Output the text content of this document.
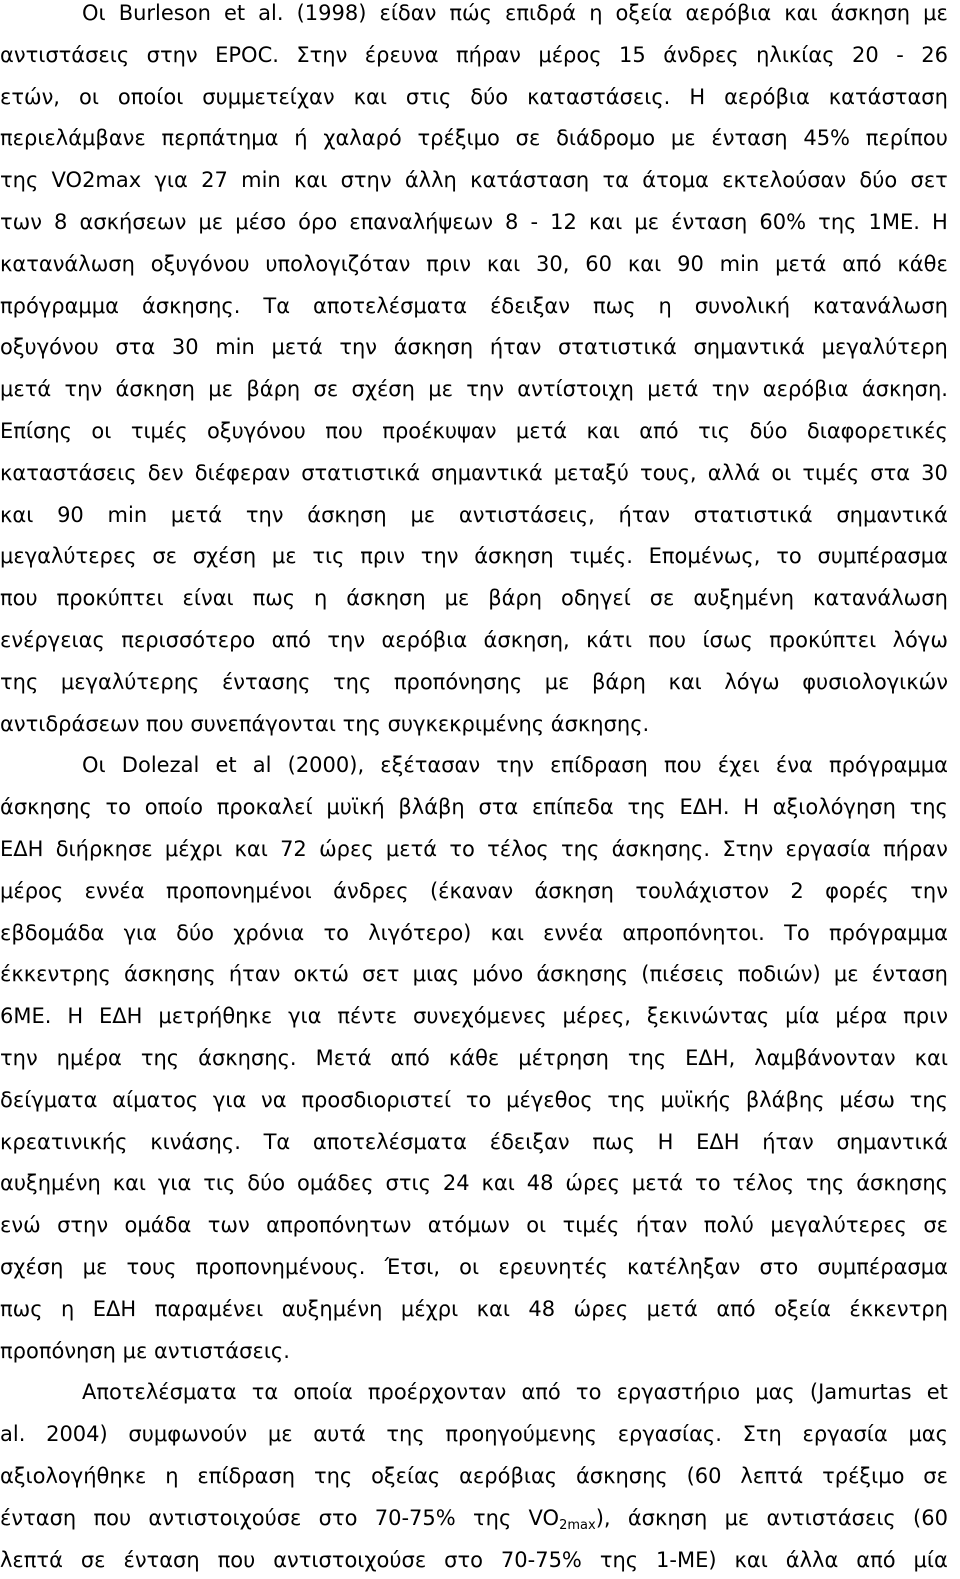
Οι Burleson et al. (1998) είδαν πώς επιδρά η οξεία αερόβια και άσκηση με
αντιστάσεις στην EPOC. Στην έρευνα πήραν μέρος 15 άνδρες ηλικίας 20 - 26
ετών, οι οποίοι συμμετείχαν και στις δύο καταστάσεις. Η αερόβια κατάσταση
περιελάμβανε περπάτημα ή χαλαρό τρέξιμο σε διάδρομο με ένταση 45% περίπου
της VO2max για 27 min και στην άλλη κατάσταση τα άτομα εκτελούσαν δύο σετ
των 8 ασκήσεων με μέσο όρο επαναλήψεων 8 - 12 και με ένταση 60% της 1ΜΕ. Η
κατανάλωση οξυγόνου υπολογιζόταν πριν και 30, 60 και 90 min μετά από κάθε
πρόγραμμα άσκησης. Τα αποτελέσματα έδειξαν πως η συνολική κατανάλωση
οξυγόνου στα 30 min μετά την άσκηση ήταν στατιστικά σημαντικά μεγαλύτερη
μετά την άσκηση με βάρη σε σχέση με την αντίστοιχη μετά την αερόβια άσκηση.
Επίσης οι τιμές οξυγόνου που προέκυψαν μετά και από τις δύο διαφορετικές
καταστάσεις δεν διέφεραν στατιστικά σημαντικά μεταξύ τους, αλλά οι τιμές στα 30
και 90 min μετά την άσκηση με αντιστάσεις, ήταν στατιστικά σημαντικά
μεγαλύτερες σε σχέση με τις πριν την άσκηση τιμές. Επομένως, το συμπέρασμα
που προκύπτει είναι πως η άσκηση με βάρη οδηγεί σε αυξημένη κατανάλωση
ενέργειας περισσότερο από την αερόβια άσκηση, κάτι που ίσως προκύπτει λόγω
της μεγαλύτερης έντασης της προπόνησης με βάρη και λόγω φυσιολογικών
αντιδράσεων που συνεπάγονται της συγκεκριμένης άσκησης.
Οι Dolezal et al (2000), εξέτασαν την επίδραση που έχει ένα πρόγραμμα
άσκησης το οποίο προκαλεί μυϊκή βλάβη στα επίπεδα της ΕΔΗ. Η αξιολόγηση της
ΕΔΗ διήρκησε μέχρι και 72 ώρες μετά το τέλος της άσκησης. Στην εργασία πήραν
μέρος εννέα προπονημένοι άνδρες (έκαναν άσκηση τουλάχιστον 2 φορές την
εβδομάδα για δύο χρόνια το λιγότερο) και εννέα απροπόνητοι. Το πρόγραμμα
έκκεντρης άσκησης ήταν οκτώ σετ μιας μόνο άσκησης (πιέσεις ποδιών) με ένταση
6ΜΕ. Η ΕΔΗ μετρήθηκε για πέντε συνεχόμενες μέρες, ξεκινώντας μία μέρα πριν
την ημέρα της άσκησης. Μετά από κάθε μέτρηση της ΕΔΗ, λαμβάνονταν και
δείγματα αίματος για να προσδιοριστεί το μέγεθος της μυϊκής βλάβης μέσω της
κρεατινικής κινάσης. Τα αποτελέσματα έδειξαν πως Η ΕΔΗ ήταν σημαντικά
αυξημένη και για τις δύο ομάδες στις 24 και 48 ώρες μετά το τέλος της άσκησης
ενώ στην ομάδα των απροπόνητων ατόμων οι τιμές ήταν πολύ μεγαλύτερες σε
σχέση με τους προπονημένους. Έτσι, οι ερευνητές κατέληξαν στο συμπέρασμα
πως η ΕΔΗ παραμένει αυξημένη μέχρι και 48 ώρες μετά από οξεία έκκεντρη
προπόνηση με αντιστάσεις.
Αποτελέσματα τα οποία προέρχονταν από το εργαστήριο μας (Jamurtas et
al. 2004) συμφωνούν με αυτά της προηγούμενης εργασίας. Στη εργασία μας
αξιολογήθηκε η επίδραση της οξείας αερόβιας άσκησης (60 λεπτά τρέξιμο σε
ένταση που αντιστοιχούσε στο 70-75% της $VO_{2max}$), άσκηση με αντιστάσεις (60
λεπτά σε ένταση που αντιστοιχούσε στο 70-75% της 1-ΜΕ) και άλλα από μία
